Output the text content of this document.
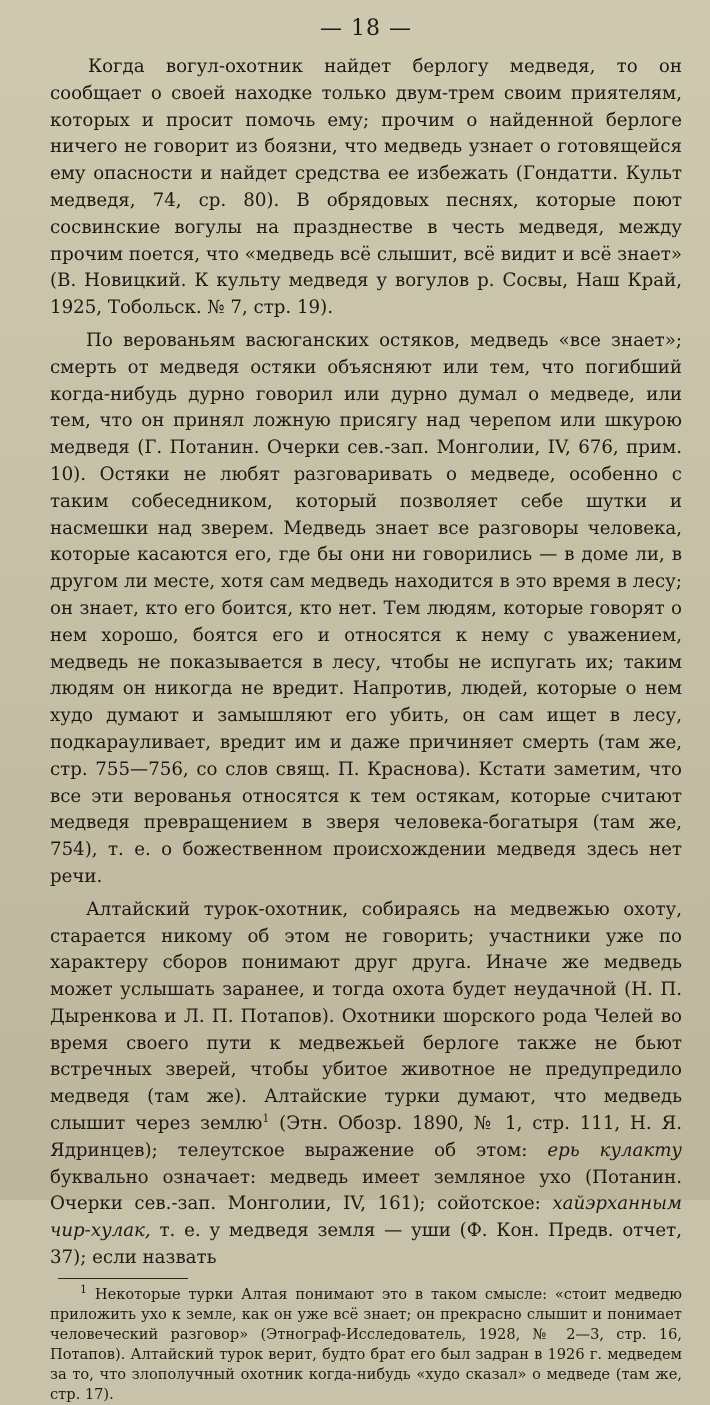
— 18 —

Когда вогул-охотник найдет берлогу медведя, то он сообщает о своей находке только двум-трем своим приятелям, которых и просит помочь ему; прочим о найденной берлоге ничего не говорит из боязни, что медведь узнает о готовящейся ему опасности и найдет средства ее избежать (Гондатти. Культ медведя, 74, ср. 80). В обрядовых песнях, которые поют сосвинские вогулы на празднестве в честь медведя, между прочим поется, что «медведь всё слышит, всё видит и всё знает» (В. Новицкий. К культу медведя у вогулов р. Сосвы, Наш Край, 1925, Тобольск. № 7, стр. 19).

По верованьям васюганских остяков, медведь «все знает»; смерть от медведя остяки объясняют или тем, что погибший когда-нибудь дурно говорил или дурно думал о медведе, или тем, что он принял ложную присягу над черепом или шкурою медведя (Г. Потанин. Очерки сев.-зап. Монголии, IV, 676, прим. 10). Остяки не любят разговаривать о медведе, особенно с таким собеседником, который позволяет себе шутки и насмешки над зверем. Медведь знает все разговоры человека, которые касаются его, где бы они ни говорились — в доме ли, в другом ли месте, хотя сам медведь находится в это время в лесу; он знает, кто его боится, кто нет. Тем людям, которые говорят о нем хорошо, боятся его и относятся к нему с уважением, медведь не показывается в лесу, чтобы не испугать их; таким людям он никогда не вредит. Напротив, людей, которые о нем худо думают и замышляют его убить, он сам ищет в лесу, подкарауливает, вредит им и даже причиняет смерть (там же, стр. 755—756, со слов свящ. П. Краснова). Кстати заметим, что все эти верованья относятся к тем остякам, которые считают медведя превращением в зверя человека-богатыря (там же, 754), т. е. о божественном происхождении медведя здесь нет речи.

Алтайский турок-охотник, собираясь на медвежью охоту, старается никому об этом не говорить; участники уже по характеру сборов понимают друг друга. Иначе же медведь может услышать заранее, и тогда охота будет неудачной (Н. П. Дыренкова и Л. П. Потапов). Охотники шорского рода Челей во время своего пути к медвежьей берлоге также не бьют встречных зверей, чтобы убитое животное не предупредило медведя (там же). Алтайские турки думают, что медведь слышит через землю$^1$ (Этн. Обозр. 1890, № 1, стр. 111, Н. Я. Ядринцев); телеутское выражение об этом: ерь кулакту буквально означает: медведь имеет земляное ухо (Потанин. Очерки сев.-зап. Монголии, IV, 161); сойотское: хайэрханным чир-хулак, т. е. у медведя земля — уши (Ф. Кон. Предв. отчет, 37); если назвать

$^1$ Некоторые турки Алтая понимают это в таком смысле: «стоит медведю приложить ухо к земле, как он уже всё знает; он прекрасно слышит и понимает человеческий разговор» (Этнограф-Исследователь, 1928, № 2—3, стр. 16, Потапов). Алтайский турок верит, будто брат его был задран в 1926 г. медведем за то, что злополучный охотник когда-нибудь «худо сказал» о медведе (там же, стр. 17).
